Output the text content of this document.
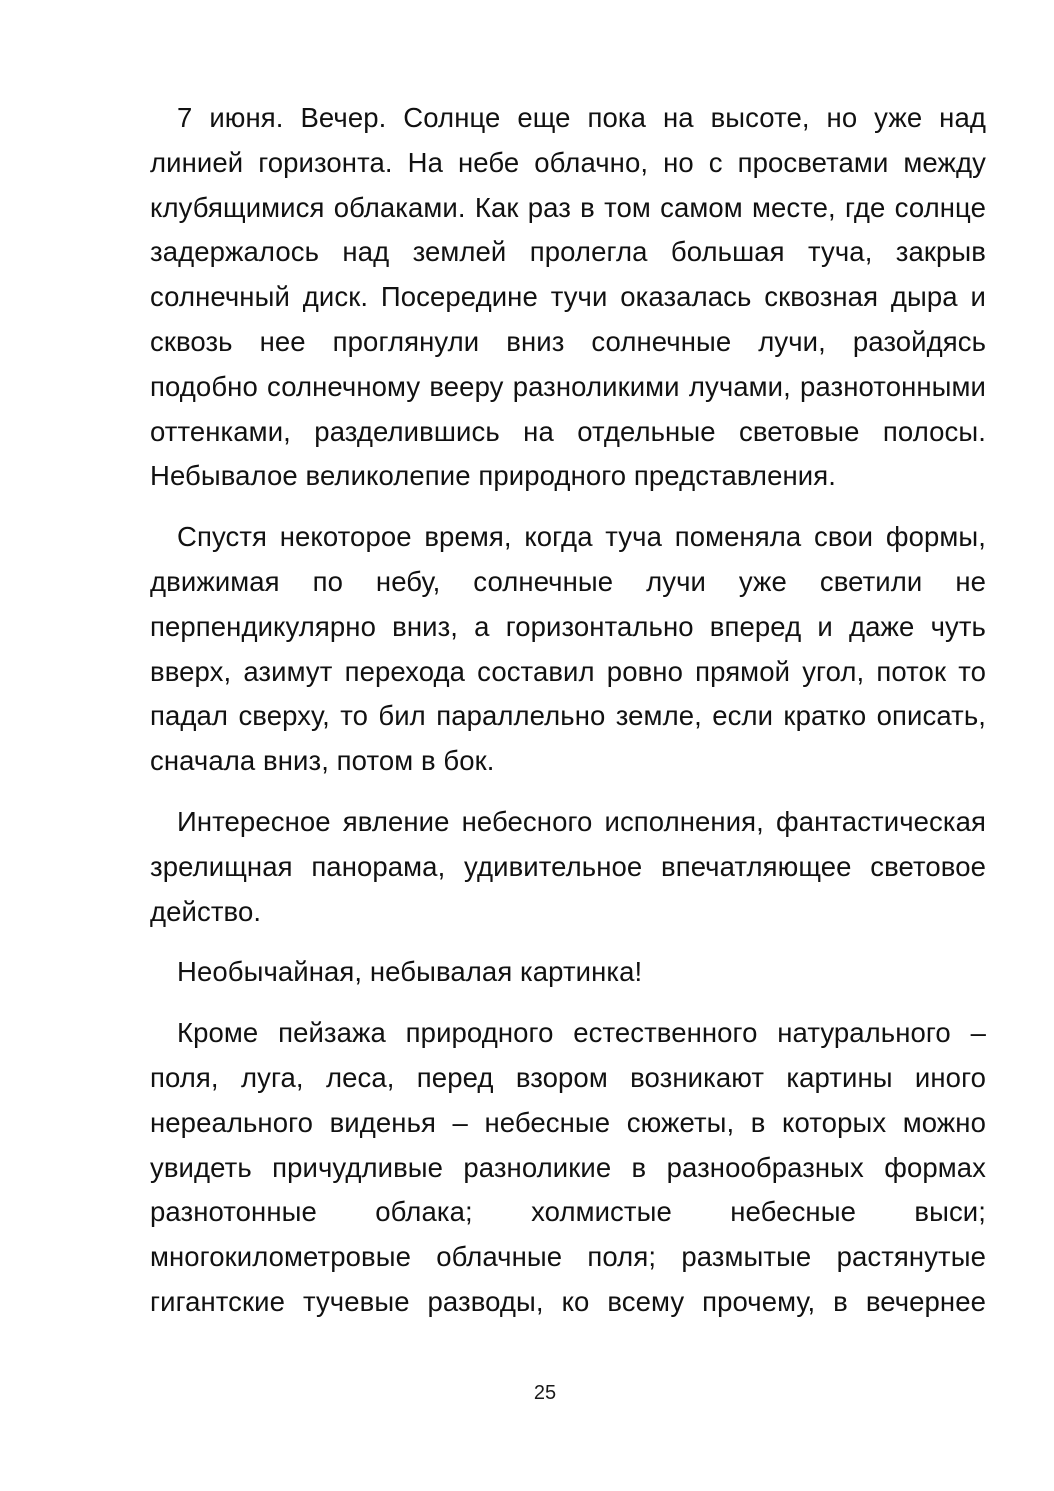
7 июня. Вечер. Солнце еще пока на высоте, но уже над линией горизонта. На небе облачно, но с просветами между клубящимися облаками. Как раз в том самом месте, где солнце задержалось над землей пролегла большая туча, закрыв солнечный диск. Посередине тучи оказалась сквозная дыра и сквозь нее проглянули вниз солнечные лучи, разойдясь подобно солнечному вееру разноликими лучами, разнотонными оттенками, разделившись на отдельные световые полосы. Небывалое великолепие природного представления.

Спустя некоторое время, когда туча поменяла свои формы, движимая по небу, солнечные лучи уже светили не перпендикулярно вниз, а горизонтально вперед и даже чуть вверх, азимут перехода составил ровно прямой угол, поток то падал сверху, то бил параллельно земле, если кратко описать, сначала вниз, потом в бок.

Интересное явление небесного исполнения, фантастическая зрелищная панорама, удивительное впечатляющее световое действо.

Необычайная, небывалая картинка!

Кроме пейзажа природного естественного натурального – поля, луга, леса, перед взором возникают картины иного нереального виденья – небесные сюжеты, в которых можно увидеть причудливые разноликие в разнообразных формах разнотонные облака; холмистые небесные выси; многокилометровые облачные поля; размытые растянутые гигантские тучевые разводы, ко всему прочему, в вечернее

25
